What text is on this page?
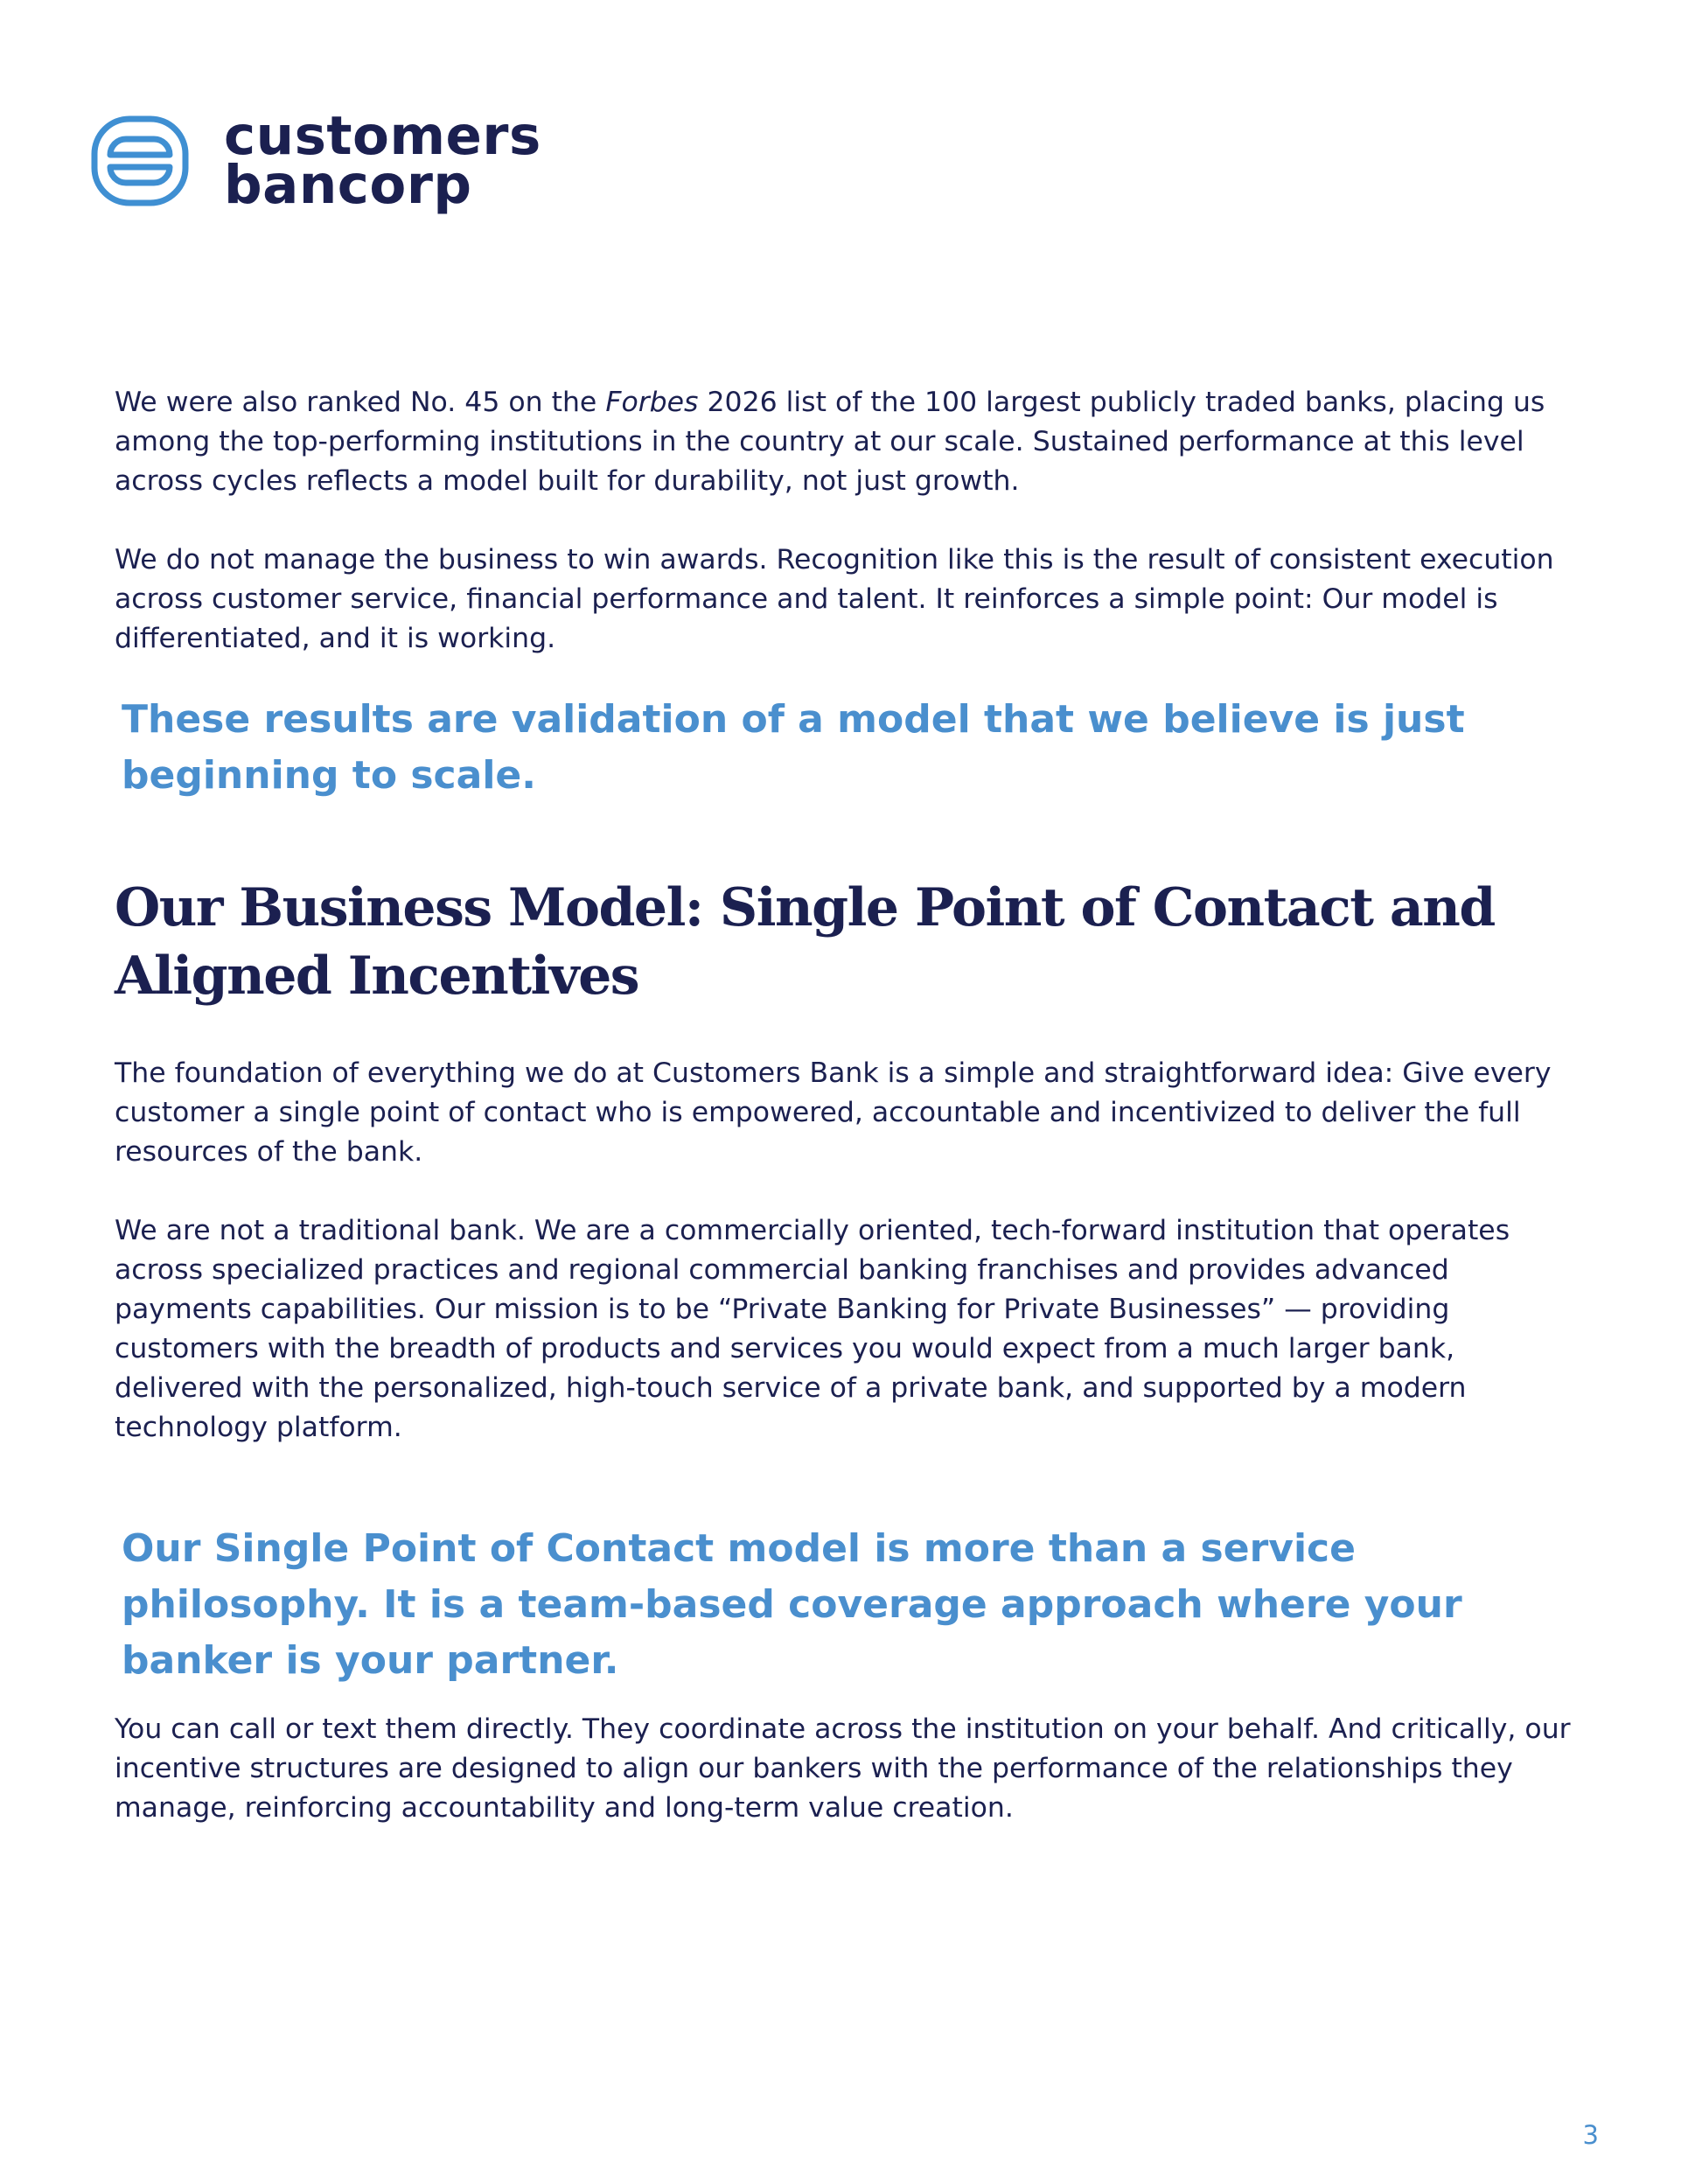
customers
bancorp

We were also ranked No. 45 on the Forbes 2026 list of the 100 largest publicly traded banks, placing us among the top-performing institutions in the country at our scale. Sustained performance at this level across cycles reflects a model built for durability, not just growth.

We do not manage the business to win awards. Recognition like this is the result of consistent execution across customer service, financial performance and talent. It reinforces a simple point: Our model is differentiated, and it is working.

These results are validation of a model that we believe is just beginning to scale.

Our Business Model: Single Point of Contact and Aligned Incentives

The foundation of everything we do at Customers Bank is a simple and straightforward idea: Give every customer a single point of contact who is empowered, accountable and incentivized to deliver the full resources of the bank.

We are not a traditional bank. We are a commercially oriented, tech-forward institution that operates across specialized practices and regional commercial banking franchises and provides advanced payments capabilities. Our mission is to be “Private Banking for Private Businesses” — providing customers with the breadth of products and services you would expect from a much larger bank, delivered with the personalized, high-touch service of a private bank, and supported by a modern technology platform.

Our Single Point of Contact model is more than a service philosophy. It is a team-based coverage approach where your banker is your partner.

You can call or text them directly. They coordinate across the institution on your behalf. And critically, our incentive structures are designed to align our bankers with the performance of the relationships they manage, reinforcing accountability and long-term value creation.

3
